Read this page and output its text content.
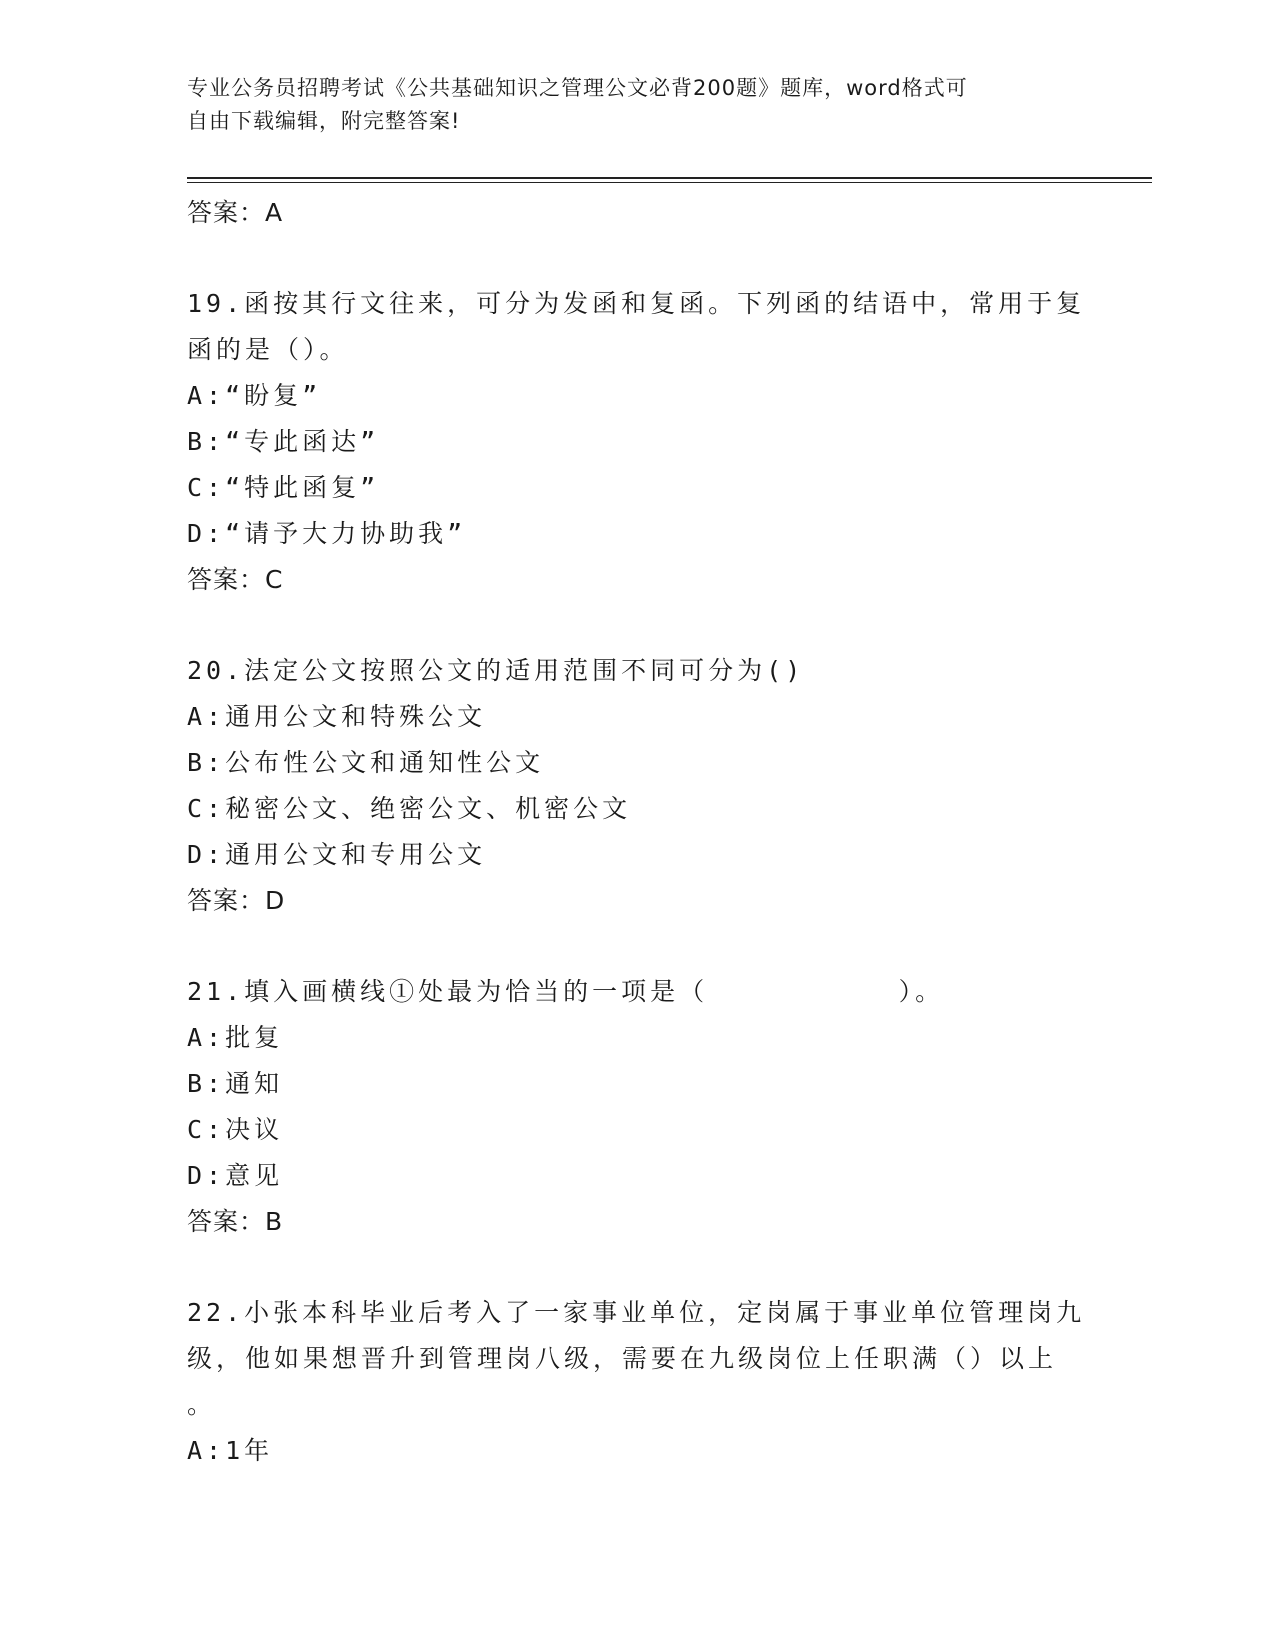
专业公务员招聘考试《公共基础知识之管理公文必背200题》题库，word格式可
自由下载编辑，附完整答案!
答案：A
19.函按其行文往来，可分为发函和复函。下列函的结语中，常用于复
函的是（）。
A:“盼复”
B:“专此函达”
C:“特此函复”
D:“请予大力协助我”
答案：C
20.法定公文按照公文的适用范围不同可分为()
A:通用公文和特殊公文
B:公布性公文和通知性公文
C:秘密公文、绝密公文、机密公文
D:通用公文和专用公文
答案：D
21.填入画横线①处最为恰当的一项是（          ）。
A:批复
B:通知
C:决议
D:意见
答案：B
22.小张本科毕业后考入了一家事业单位，定岗属于事业单位管理岗九
级，他如果想晋升到管理岗八级，需要在九级岗位上任职满（）以上
。
A:1年
